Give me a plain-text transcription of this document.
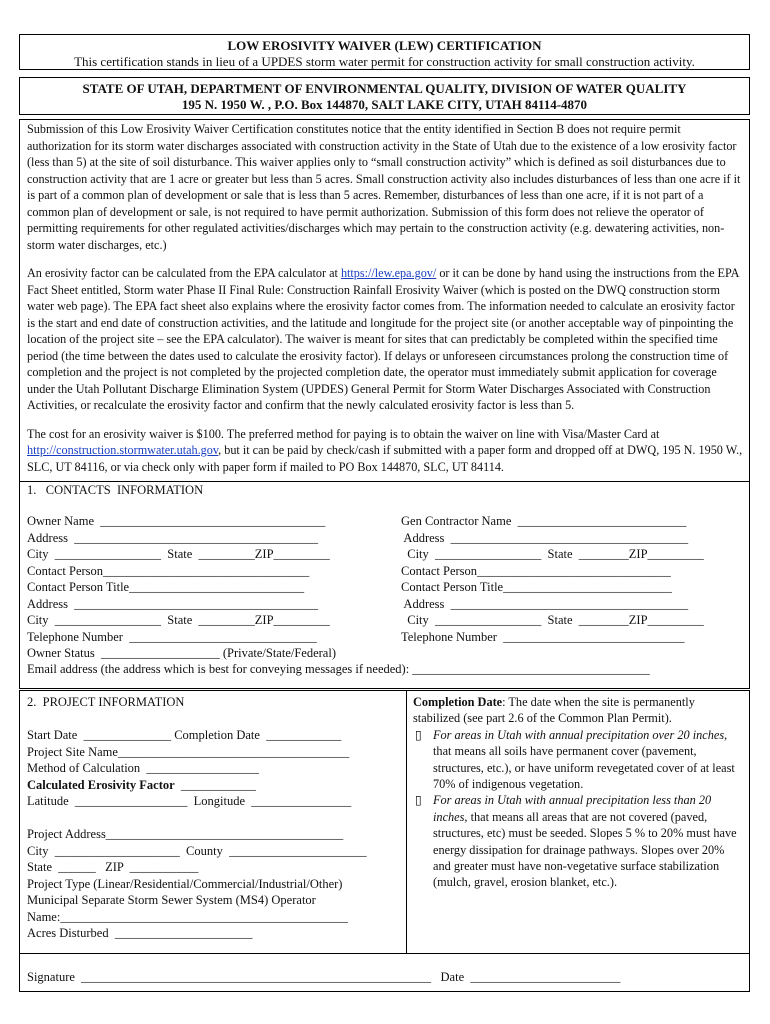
LOW EROSIVITY WAIVER (LEW) CERTIFICATION
This certification stands in lieu of a UPDES storm water permit for construction activity for small construction activity.
STATE OF UTAH, DEPARTMENT OF ENVIRONMENTAL QUALITY, DIVISION OF WATER QUALITY
195 N. 1950 W. , P.O. Box 144870, SALT LAKE CITY, UTAH 84114-4870

Submission of this Low Erosivity Waiver Certification constitutes notice that the entity identified in Section B does not require permit authorization for its storm water discharges associated with construction activity in the State of Utah due to the existence of a low erosivity factor (less than 5) at the site of soil disturbance. This waiver applies only to “small construction activity” which is defined as soil disturbances due to construction activity that are 1 acre or greater but less than 5 acres. Small construction activity also includes disturbances of less than one acre if it is part of a common plan of development or sale that is less than 5 acres. Remember, disturbances of less than one acre, if it is not part of a common plan of development or sale, is not required to have permit authorization. Submission of this form does not relieve the operator of permitting requirements for other regulated activities/discharges which may pertain to the construction activity (e.g. dewatering activities, non-storm water discharges, etc.)

An erosivity factor can be calculated from the EPA calculator at https://lew.epa.gov/ or it can be done by hand using the instructions from the EPA Fact Sheet entitled, Storm water Phase II Final Rule: Construction Rainfall Erosivity Waiver (which is posted on the DWQ construction storm water web page). The EPA fact sheet also explains where the erosivity factor comes from. The information needed to calculate an erosivity factor is the start and end date of construction activities, and the latitude and longitude for the project site (or another acceptable way of pinpointing the location of the project site – see the EPA calculator). The waiver is meant for sites that can predictably be completed within the specified time period (the time between the dates used to calculate the erosivity factor). If delays or unforeseen circumstances prolong the construction time of completion and the project is not completed by the projected completion date, the operator must immediately submit application for coverage under the Utah Pollutant Discharge Elimination System (UPDES) General Permit for Storm Water Discharges Associated with Construction Activities, or recalculate the erosivity factor and confirm that the newly calculated erosivity factor is less than 5.

The cost for an erosivity waiver is $100. The preferred method for paying is to obtain the waiver on line with Visa/Master Card at http://construction.stormwater.utah.gov, but it can be paid by check/cash if submitted with a paper form and dropped off at DWQ, 195 N. 1950 W., SLC, UT 84116, or via check only with paper form if mailed to PO Box 144870, SLC, UT 84114.

1.   CONTACTS  INFORMATION
Owner Name  ____________________________________
Address  _______________________________________
City  _________________  State  _________ZIP_________
Contact Person_________________________________
Contact Person Title____________________________
Address  _______________________________________
City  _________________  State  _________ZIP_________
Telephone Number  ______________________________
Owner Status  ___________________ (Private/State/Federal)
Gen Contractor Name  ___________________________
Address  ______________________________________
City  _________________  State  ________ZIP_________
Contact Person_______________________________
Contact Person Title___________________________
Address  ______________________________________
City  _________________  State  ________ZIP_________
Telephone Number  _____________________________
Email address (the address which is best for conveying messages if needed): ______________________________________
2.  PROJECT INFORMATION
Start Date  ______________ Completion Date  ____________
Project Site Name_____________________________________
Method of Calculation  __________________
Calculated Erosivity Factor  ____________
Latitude  __________________  Longitude  ________________
Project Address______________________________________
City  ____________________  County  ______________________
State  ______   ZIP  ___________
Project Type (Linear/Residential/Commercial/Industrial/Other)
Municipal Separate Storm Sewer System (MS4) Operator
Name:______________________________________________
Acres Disturbed  ______________________

Completion Date: The date when the site is permanently stabilized (see part 2.6 of the Common Plan Permit).

▯ For areas in Utah with annual precipitation over 20 inches, that means all soils have permanent cover (pavement, structures, etc.), or have uniform revegetated cover of at least 70% of indigenous vegetation.
▯ For areas in Utah with annual precipitation less than 20 inches, that means all areas that are not covered (paved, structures, etc) must be seeded. Slopes 5 % to 20% must have energy dissipation for drainage pathways. Slopes over 20% and greater must have non-vegetative surface stabilization (mulch, gravel, erosion blanket, etc.).
Signature  ________________________________________________________   Date  ________________________
